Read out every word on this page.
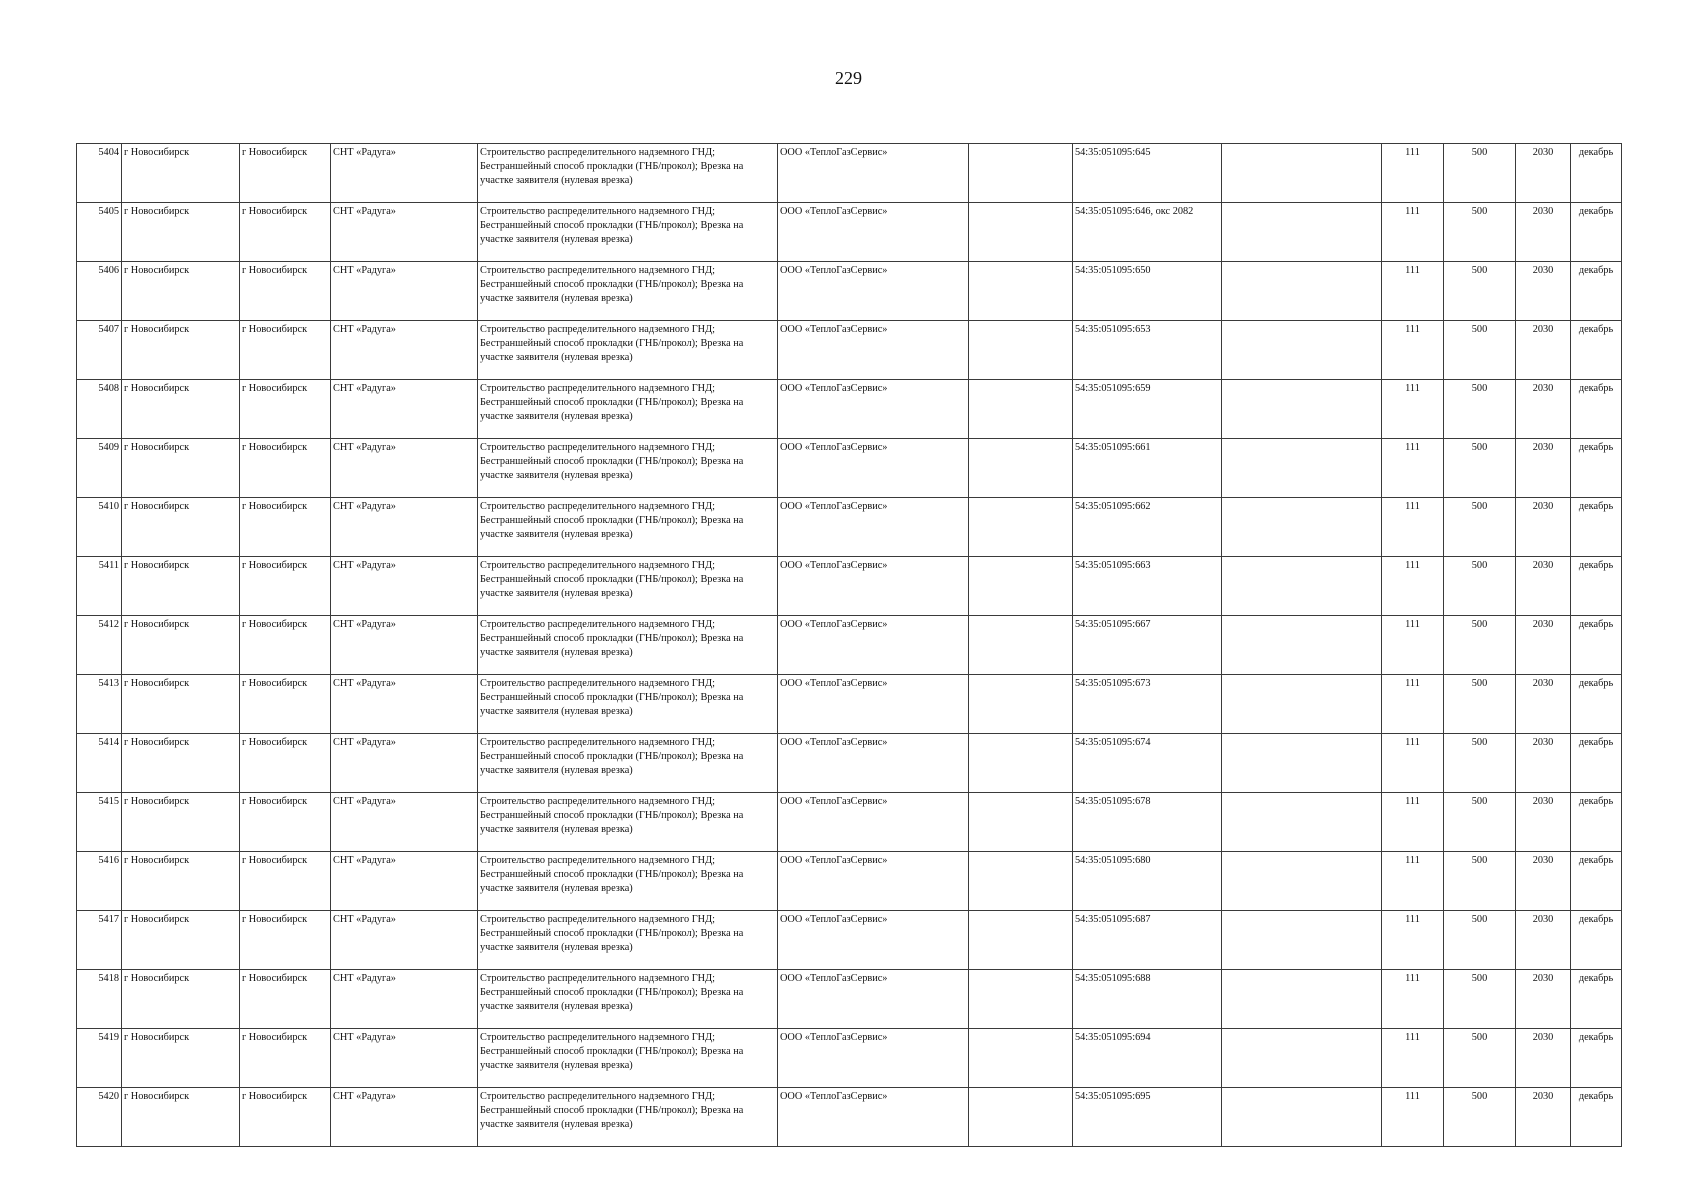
229
5404	г Новосибирск	г Новосибирск	СНТ «Радуга»	Строительство распределительного надземного ГНД; Бестраншейный способ прокладки (ГНБ/прокол); Врезка на участке заявителя (нулевая врезка)	ООО «ТеплоГазСервис»		54:35:051095:645		111	500	2030	декабрь
5405	г Новосибирск	г Новосибирск	СНТ «Радуга»	Строительство распределительного надземного ГНД; Бестраншейный способ прокладки (ГНБ/прокол); Врезка на участке заявителя (нулевая врезка)	ООО «ТеплоГазСервис»		54:35:051095:646, окс 2082		111	500	2030	декабрь
5406	г Новосибирск	г Новосибирск	СНТ «Радуга»	Строительство распределительного надземного ГНД; Бестраншейный способ прокладки (ГНБ/прокол); Врезка на участке заявителя (нулевая врезка)	ООО «ТеплоГазСервис»		54:35:051095:650		111	500	2030	декабрь
5407	г Новосибирск	г Новосибирск	СНТ «Радуга»	Строительство распределительного надземного ГНД; Бестраншейный способ прокладки (ГНБ/прокол); Врезка на участке заявителя (нулевая врезка)	ООО «ТеплоГазСервис»		54:35:051095:653		111	500	2030	декабрь
5408	г Новосибирск	г Новосибирск	СНТ «Радуга»	Строительство распределительного надземного ГНД; Бестраншейный способ прокладки (ГНБ/прокол); Врезка на участке заявителя (нулевая врезка)	ООО «ТеплоГазСервис»		54:35:051095:659		111	500	2030	декабрь
5409	г Новосибирск	г Новосибирск	СНТ «Радуга»	Строительство распределительного надземного ГНД; Бестраншейный способ прокладки (ГНБ/прокол); Врезка на участке заявителя (нулевая врезка)	ООО «ТеплоГазСервис»		54:35:051095:661		111	500	2030	декабрь
5410	г Новосибирск	г Новосибирск	СНТ «Радуга»	Строительство распределительного надземного ГНД; Бестраншейный способ прокладки (ГНБ/прокол); Врезка на участке заявителя (нулевая врезка)	ООО «ТеплоГазСервис»		54:35:051095:662		111	500	2030	декабрь
5411	г Новосибирск	г Новосибирск	СНТ «Радуга»	Строительство распределительного надземного ГНД; Бестраншейный способ прокладки (ГНБ/прокол); Врезка на участке заявителя (нулевая врезка)	ООО «ТеплоГазСервис»		54:35:051095:663		111	500	2030	декабрь
5412	г Новосибирск	г Новосибирск	СНТ «Радуга»	Строительство распределительного надземного ГНД; Бестраншейный способ прокладки (ГНБ/прокол); Врезка на участке заявителя (нулевая врезка)	ООО «ТеплоГазСервис»		54:35:051095:667		111	500	2030	декабрь
5413	г Новосибирск	г Новосибирск	СНТ «Радуга»	Строительство распределительного надземного ГНД; Бестраншейный способ прокладки (ГНБ/прокол); Врезка на участке заявителя (нулевая врезка)	ООО «ТеплоГазСервис»		54:35:051095:673		111	500	2030	декабрь
5414	г Новосибирск	г Новосибирск	СНТ «Радуга»	Строительство распределительного надземного ГНД; Бестраншейный способ прокладки (ГНБ/прокол); Врезка на участке заявителя (нулевая врезка)	ООО «ТеплоГазСервис»		54:35:051095:674		111	500	2030	декабрь
5415	г Новосибирск	г Новосибирск	СНТ «Радуга»	Строительство распределительного надземного ГНД; Бестраншейный способ прокладки (ГНБ/прокол); Врезка на участке заявителя (нулевая врезка)	ООО «ТеплоГазСервис»		54:35:051095:678		111	500	2030	декабрь
5416	г Новосибирск	г Новосибирск	СНТ «Радуга»	Строительство распределительного надземного ГНД; Бестраншейный способ прокладки (ГНБ/прокол); Врезка на участке заявителя (нулевая врезка)	ООО «ТеплоГазСервис»		54:35:051095:680		111	500	2030	декабрь
5417	г Новосибирск	г Новосибирск	СНТ «Радуга»	Строительство распределительного надземного ГНД; Бестраншейный способ прокладки (ГНБ/прокол); Врезка на участке заявителя (нулевая врезка)	ООО «ТеплоГазСервис»		54:35:051095:687		111	500	2030	декабрь
5418	г Новосибирск	г Новосибирск	СНТ «Радуга»	Строительство распределительного надземного ГНД; Бестраншейный способ прокладки (ГНБ/прокол); Врезка на участке заявителя (нулевая врезка)	ООО «ТеплоГазСервис»		54:35:051095:688		111	500	2030	декабрь
5419	г Новосибирск	г Новосибирск	СНТ «Радуга»	Строительство распределительного надземного ГНД; Бестраншейный способ прокладки (ГНБ/прокол); Врезка на участке заявителя (нулевая врезка)	ООО «ТеплоГазСервис»		54:35:051095:694		111	500	2030	декабрь
5420	г Новосибирск	г Новосибирск	СНТ «Радуга»	Строительство распределительного надземного ГНД; Бестраншейный способ прокладки (ГНБ/прокол); Врезка на участке заявителя (нулевая врезка)	ООО «ТеплоГазСервис»		54:35:051095:695		111	500	2030	декабрь
